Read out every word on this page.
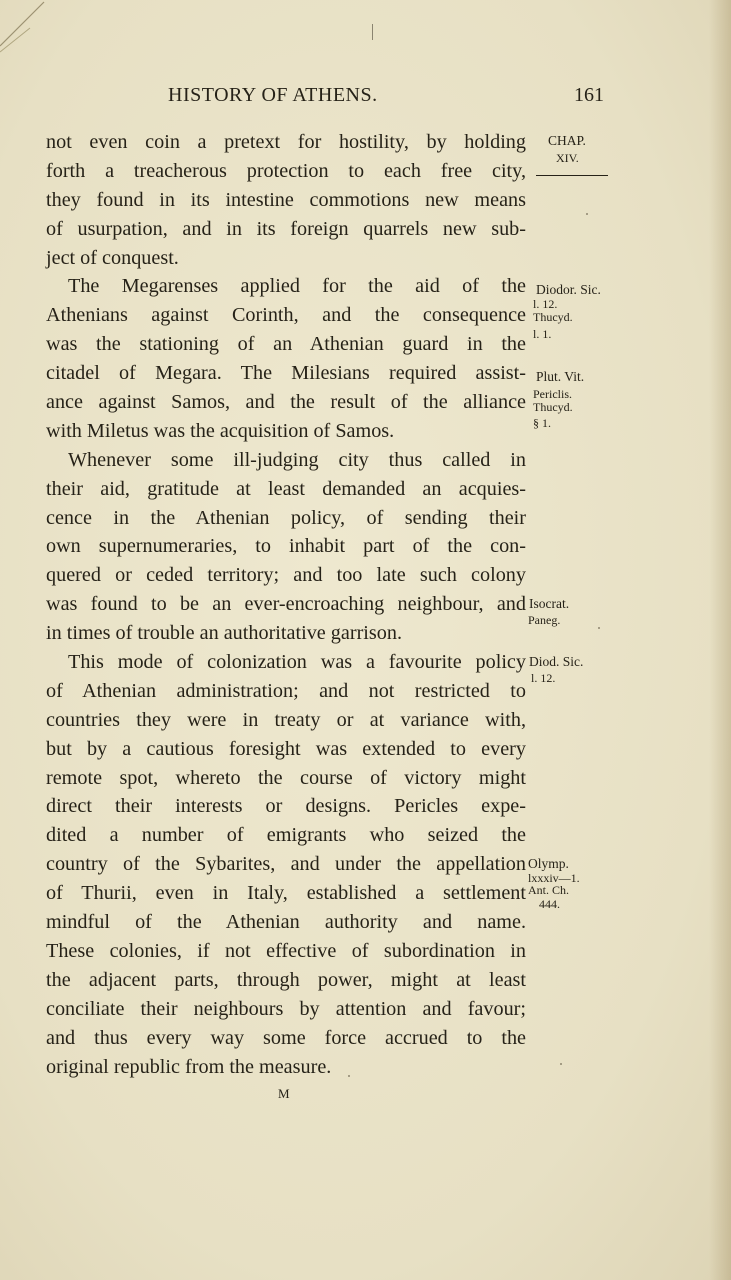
HISTORY OF ATHENS.	161
not even coin a pretext for hostility, by holding
forth a treacherous protection to each free city,
they found in its intestine commotions new means
of usurpation, and in its foreign quarrels new sub-
ject of conquest.
The Megarenses applied for the aid of the
Athenians against Corinth, and the consequence
was the stationing of an Athenian guard in the
citadel of Megara. The Milesians required assist-
ance against Samos, and the result of the alliance
with Miletus was the acquisition of Samos.
Whenever some ill-judging city thus called in
their aid, gratitude at least demanded an acquies-
cence in the Athenian policy, of sending their
own supernumeraries, to inhabit part of the con-
quered or ceded territory; and too late such colony
was found to be an ever-encroaching neighbour, and
in times of trouble an authoritative garrison.
This mode of colonization was a favourite policy
of Athenian administration; and not restricted to
countries they were in treaty or at variance with,
but by a cautious foresight was extended to every
remote spot, whereto the course of victory might
direct their interests or designs. Pericles expe-
dited a number of emigrants who seized the
country of the Sybarites, and under the appellation
of Thurii, even in Italy, established a settlement
mindful of the Athenian authority and name.
These colonies, if not effective of subordination in
the adjacent parts, through power, might at least
conciliate their neighbours by attention and favour;
and thus every way some force accrued to the
original republic from the measure.
CHAP.
XIV.
Diodor. Sic.
l. 12.
Thucyd.
l. 1.
Plut. Vit.
Periclis.
Thucyd.
§ 1.
Isocrat.
Paneg.
Diod. Sic.
l. 12.
Olymp.
lxxxiv—1.
Ant. Ch.
444.
M
